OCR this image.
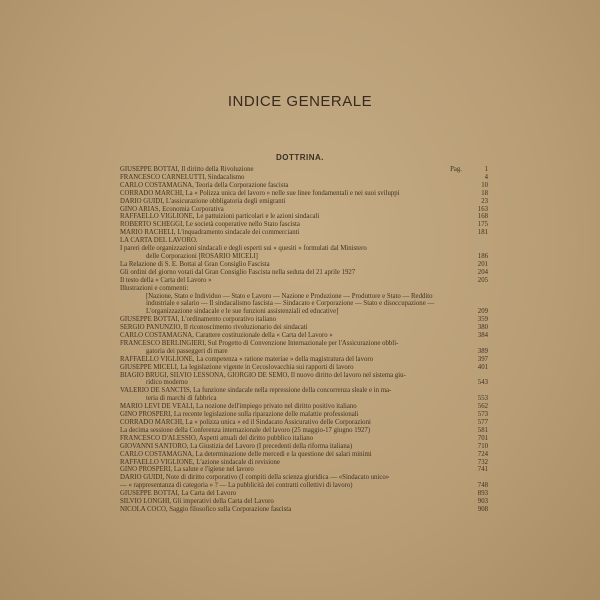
INDICE GENERALE
DOTTRINA.
GIUSEPPE BOTTAI, Il diritto della Rivoluzione	Pag.	1
FRANCESCO CARNELUTTI, Sindacalismo	4
CARLO COSTAMAGNA, Teoria della Corporazione fascista	10
CORRADO MARCHI, La « Polizza unica del lavoro » nelle sue linee fondamentali e nei suoi sviluppi	18
DARIO GUIDI, L'assicurazione obbligatoria degli emigranti	23
GINO ARIAS, Economia Corporativa	163
RAFFAELLO VIGLIONE, Le pattuizioni particolari e le azioni sindacali	168
ROBERTO SCHEGGI, Le società cooperative nello Stato fascista	175
MARIO RACHELI, L'inquadramento sindacale dei commercianti	181
LA CARTA DEL LAVORO.
I pareri delle organizzazioni sindacali e degli esperti sui « quesiti » formulati dal Ministero
delle Corporazioni [ROSARIO MICELI]	186
La Relazione di S. E. Bottai al Gran Consiglio Fascista	201
Gli ordini del giorno votati dal Gran Consiglio Fascista nella seduta del 21 aprile 1927	204
Il testo della « Carta del Lavoro »	205
Illustrazioni e commenti:
[Nazione, Stato e Individuo — Stato e Lavoro — Nazione e Produzione — Produttore e Stato — Reddito industriale e salario — Il sindacalismo fascista — Sindacato e Corporazione — Stato e disoccupazione — L'organizzazione sindacale e le sue funzioni assistenziali ed educative]	209
GIUSEPPE BOTTAI, L'ordinamento corporativo italiano	359
SERGIO PANUNZIO, Il riconoscimento rivoluzionario dei sindacati	380
CARLO COSTAMAGNA, Carattere costituzionale della « Carta del Lavoro »	384
FRANCESCO BERLINGIERI, Sul Progetto di Convenzione Internazionale per l'Assicurazione obbli-
gatoria dei passeggeri di mare	389
RAFFAELLO VIGLIONE, La competenza « ratione materiae » della magistratura del lavoro	397
GIUSEPPE MICELI, La legislazione vigente in Cecoslovacchia sui rapporti di lavoro	401
BIAGIO BRUGI, SILVIO LESSONA, GIORGIO DE SEMO, Il nuovo diritto del lavoro nel sistema giu-
ridico moderno	543
VALERIO DE SANCTIS, La funzione sindacale nella repressione della concorrenza sleale e in ma-
teria di marchi di fabbrica	553
MARIO LEVI DE VEALI, La nozione dell'impiego privato nel diritto positivo italiano	562
GINO PROSPERI, La recente legislazione sulla riparazione delle malattie professionali	573
CORRADO MARCHI, La « polizza unica » ed il Sindacato Assicurativo delle Corporazioni	577
La decima sessione della Conferenza internazionale del lavoro (25 maggio-17 giugno 1927)	581
FRANCESCO D'ALESSIO, Aspetti attuali del diritto pubblico italiano	701
GIOVANNI SANTORO, La Giustizia del Lavoro (I precedenti della riforma italiana)	710
CARLO COSTAMAGNA, La determinazione delle mercedi e la questione dei salari minimi	724
RAFFAELLO VIGLIONE, L'azione sindacale di revisione	732
GINO PROSPERI, La salute e l'igiene nel lavoro	741
DARIO GUIDI, Note di diritto corporativo (I compiti della scienza giuridica — «Sindacato unico»
— « rappresentanza di categoria » ? — La pubblicità dei contratti collettivi di lavoro)	748
GIUSEPPE BOTTAI, La Carta del Lavoro	893
SILVIO LONGHI, Gli imperativi della Carta del Lavoro	903
NICOLA COCO, Saggio filosofico sulla Corporazione fascista	908
